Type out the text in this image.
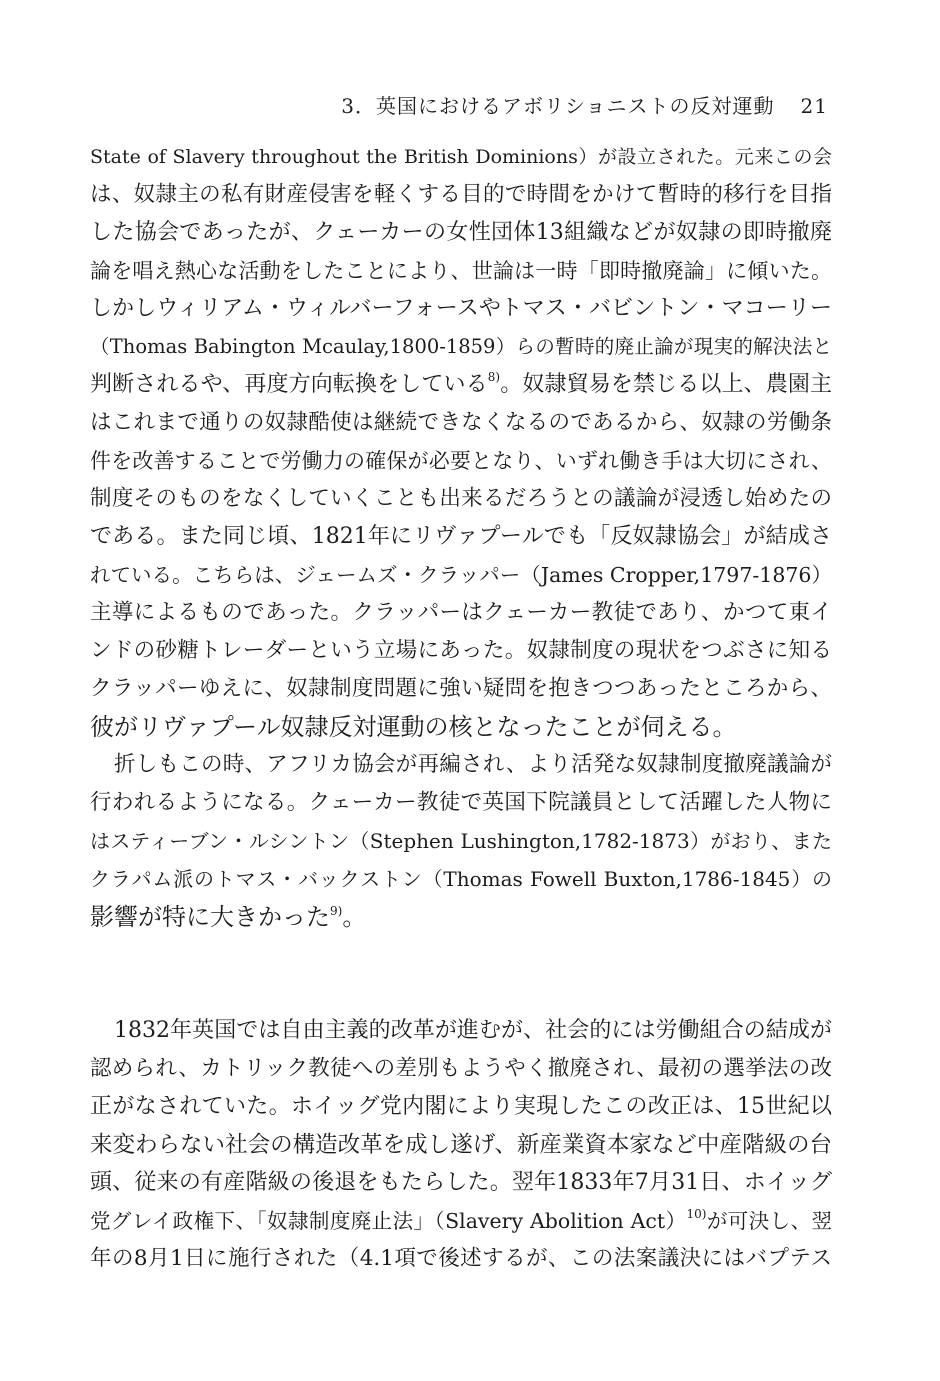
3．英国におけるアボリショニストの反対運動 21
State of Slavery throughout the British Dominions）が設立された。元来この会
は、奴隷主の私有財産侵害を軽くする目的で時間をかけて暫時的移行を目指
した協会であったが、クェーカーの女性団体13組織などが奴隷の即時撤廃
論を唱え熱心な活動をしたことにより、世論は一時「即時撤廃論」に傾いた。
しかしウィリアム・ウィルバーフォースやトマス・バビントン・マコーリー
（Thomas Babington Mcaulay,1800-1859）らの暫時的廃止論が現実的解決法と
判断されるや、再度方向転換をしている$^{8)}$。奴隷貿易を禁じる以上、農園主
はこれまで通りの奴隷酷使は継続できなくなるのであるから、奴隷の労働条
件を改善することで労働力の確保が必要となり、いずれ働き手は大切にされ、
制度そのものをなくしていくことも出来るだろうとの議論が浸透し始めたの
である。また同じ頃、1821年にリヴァプールでも「反奴隷協会」が結成さ
れている。こちらは、ジェームズ・クラッパー（James Cropper,1797-1876）
主導によるものであった。クラッパーはクェーカー教徒であり、かつて東イ
ンドの砂糖トレーダーという立場にあった。奴隷制度の現状をつぶさに知る
クラッパーゆえに、奴隷制度問題に強い疑問を抱きつつあったところから、
彼がリヴァプール奴隷反対運動の核となったことが伺える。
折しもこの時、アフリカ協会が再編され、より活発な奴隷制度撤廃議論が
行われるようになる。クェーカー教徒で英国下院議員として活躍した人物に
はスティーブン・ルシントン（Stephen Lushington,1782-1873）がおり、また
クラパム派のトマス・バックストン（Thomas Fowell Buxton,1786-1845）の
影響が特に大きかった$^{9)}$。
1832年英国では自由主義的改革が進むが、社会的には労働組合の結成が
認められ、カトリック教徒への差別もようやく撤廃され、最初の選挙法の改
正がなされていた。ホイッグ党内閣により実現したこの改正は、15世紀以
来変わらない社会の構造改革を成し遂げ、新産業資本家など中産階級の台
頭、従来の有産階級の後退をもたらした。翌年1833年7月31日、ホイッグ
党グレイ政権下、「奴隷制度廃止法」（Slavery Abolition Act）$^{10)}$が可決し、翌
年の8月1日に施行された（4.1項で後述するが、この法案議決にはバプテス
